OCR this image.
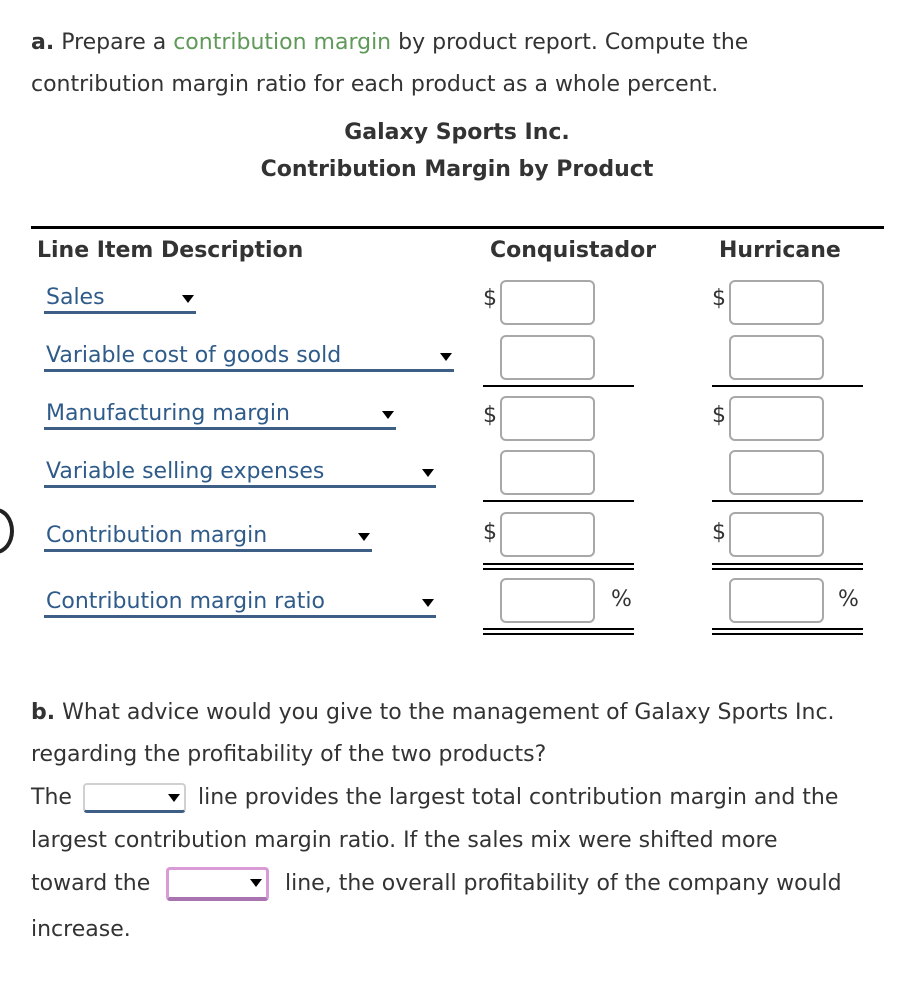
a. Prepare a contribution margin by product report. Compute the
contribution margin ratio for each product as a whole percent.
Galaxy Sports Inc.
Contribution Margin by Product
Line Item Description	Conquistador	Hurricane
Sales	$	$
Variable cost of goods sold
Manufacturing margin	$	$
Variable selling expenses
Contribution margin	$	$
Contribution margin ratio	%	%
b. What advice would you give to the management of Galaxy Sports Inc.
regarding the profitability of the two products?
The	line provides the largest total contribution margin and the
largest contribution margin ratio. If the sales mix were shifted more
toward the	line, the overall profitability of the company would
increase.
